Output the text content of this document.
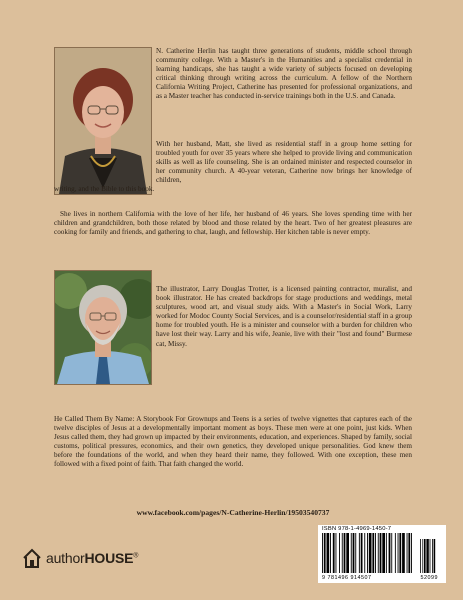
N. Catherine Herlin has taught three generations of students, middle school through community college. With a Master's in the Humanities and a specialist credential in learning handicaps, she has taught a wide variety of subjects focused on developing critical thinking through writing across the curriculum. A fellow of the Northern California Writing Project, Catherine has presented for professional organizations, and as a Master teacher has conducted in-service trainings both in the U.S. and Canada.

With her husband, Matt, she lived as residential staff in a group home setting for troubled youth for over 35 years where she helped to provide living and communication skills as well as life counseling. She is an ordained minister and respected counselor in her community church. A 40-year veteran, Catherine now brings her knowledge of children,

writing, and the Bible to this book.

She lives in northern California with the love of her life, her husband of 46 years. She loves spending time with her children and grandchildren, both those related by blood and those related by the heart. Two of her greatest pleasures are cooking for family and friends, and gathering to chat, laugh, and fellowship. Her kitchen table is never empty.

The illustrator, Larry Douglas Trotter, is a licensed painting contractor, muralist, and book illustrator. He has created backdrops for stage productions and weddings, metal sculptures, wood art, and visual study aids. With a Master's in Social Work, Larry worked for Modoc County Social Services, and is a counselor/residential staff in a group home for troubled youth. He is a minister and counselor with a burden for children who have lost their way. Larry and his wife, Jeanie, live with their "lost and found" Burmese cat, Missy.

He Called Them By Name: A Storybook For Grownups and Teens is a series of twelve vignettes that captures each of the twelve disciples of Jesus at a developmentally important moment as boys. These men were at one point, just kids. When Jesus called them, they had grown up impacted by their environments, education, and experiences. Shaped by family, social customs, political pressures, economics, and their own genetics, they developed unique personalities. God knew them before the foundations of the world, and when they heard their name, they followed. With one exception, these men followed with a fixed point of faith. That faith changed the world.

www.facebook.com/pages/N-Catherine-Herlin/19503540737

authorHOUSE®
ISBN 978-1-4969-1450-7
9 781496 914507	52099
